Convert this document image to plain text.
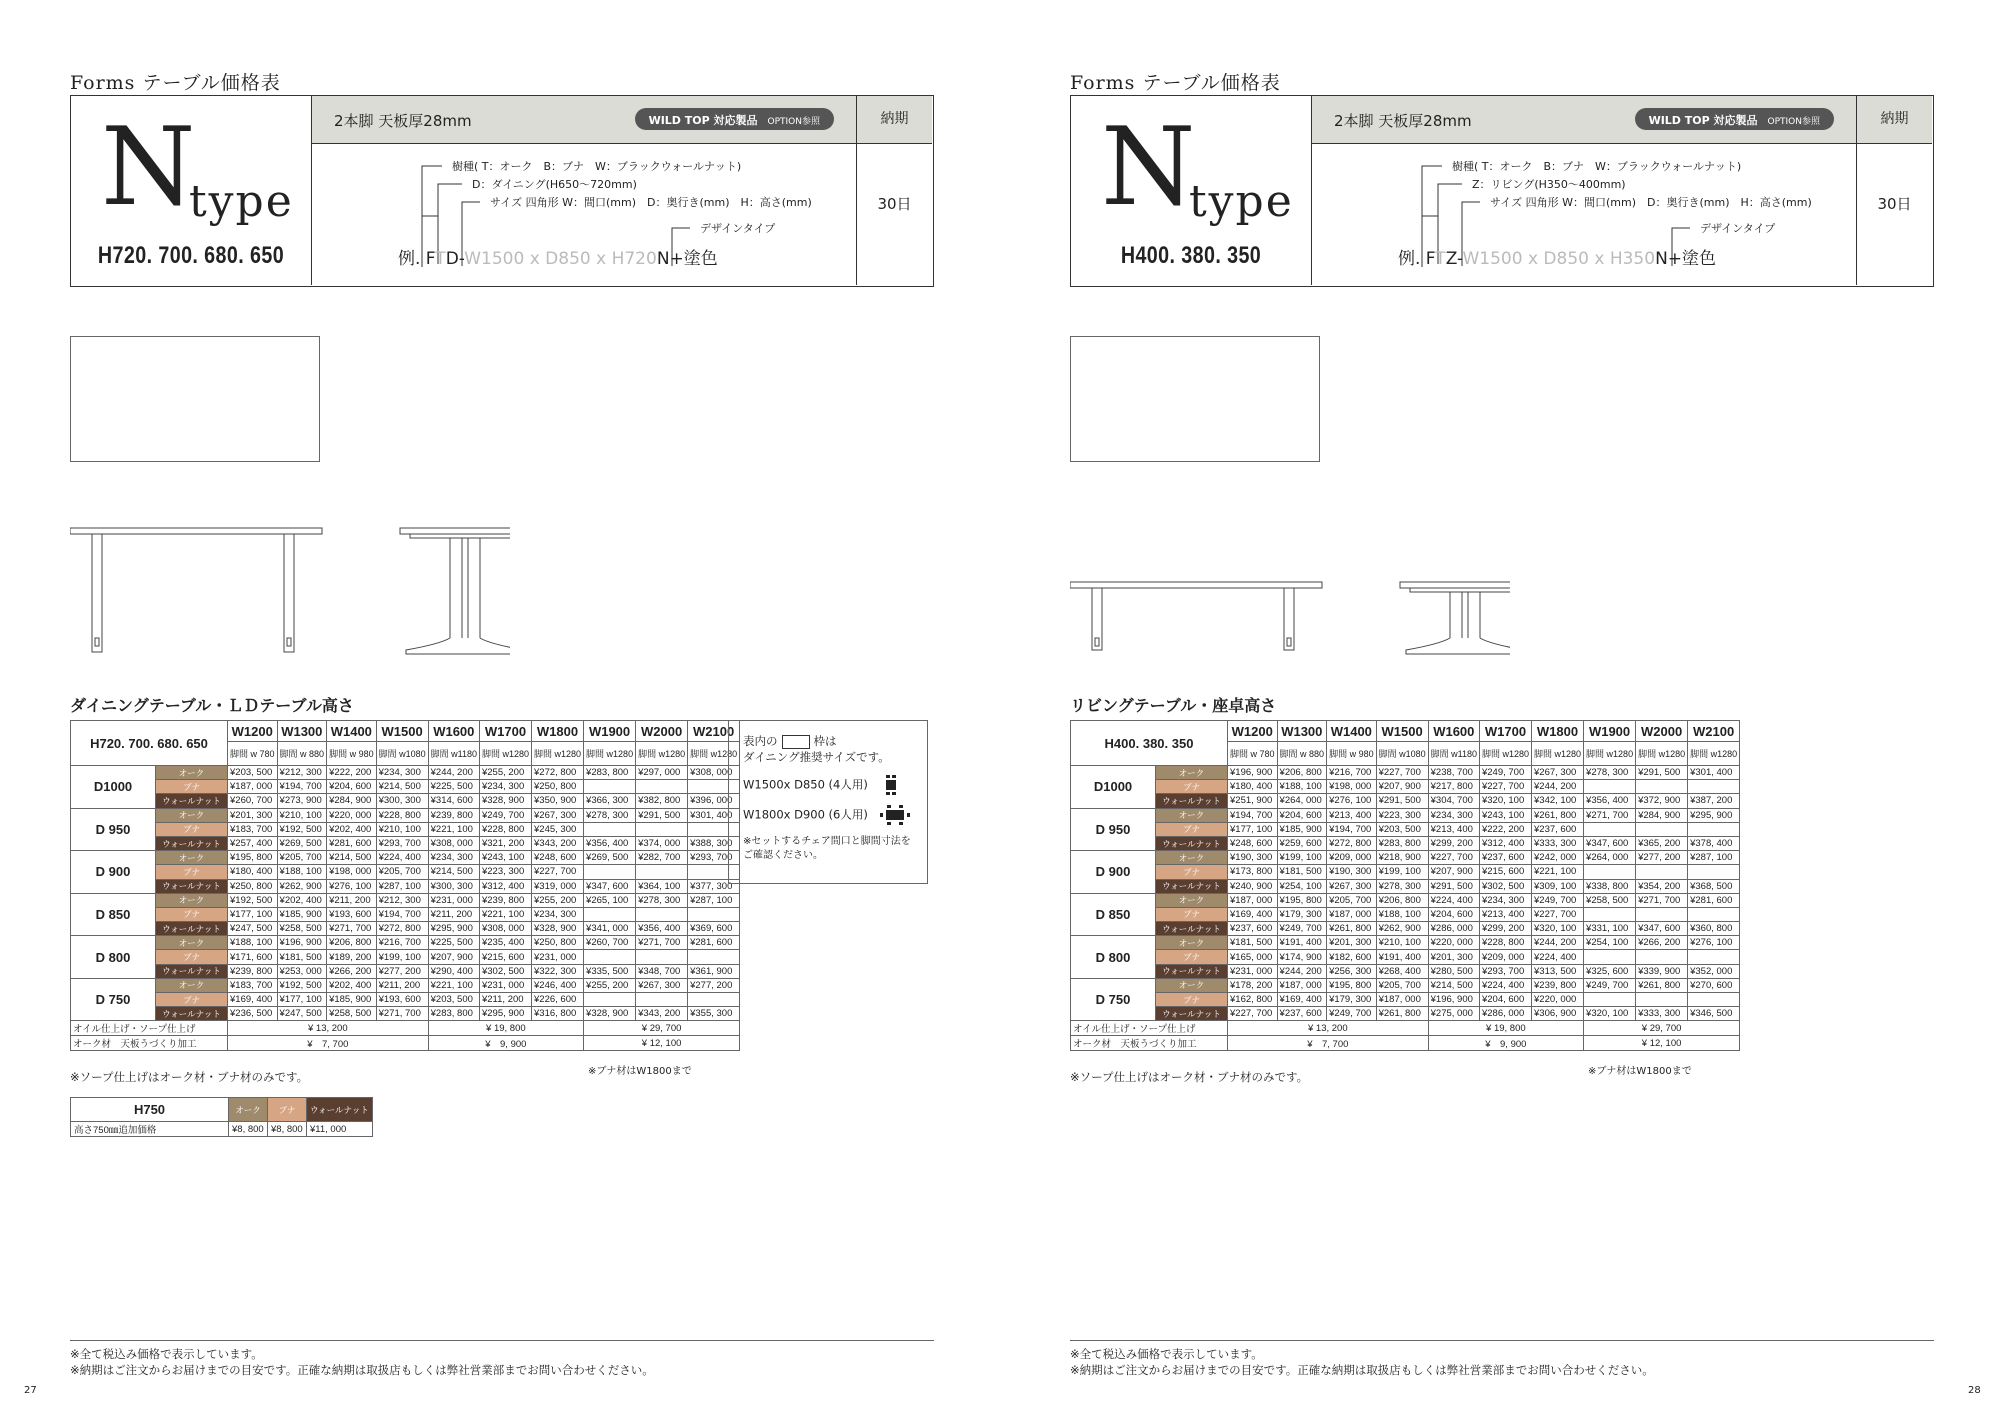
Forms テーブル価格表
N
type
H720. 700. 680. 650
2本脚 天板厚28mm	WILD TOP 対応製品 OPTION参照	納期
30日
樹種( T：オーク　B：ブナ　W：ブラックウォールナット)
D：ダイニング(H650～720mm)
サイズ 四角形 W：間口(mm)　D：奥行き(mm)　H：高さ(mm)
デザインタイプ
例. FTD-W1500 x D850 x H720N+塗色
ダイニングテーブル・ＬＤテーブル高さ
H720. 700. 680. 650		W1200	W1300	W1400	W1500	W1600	W1700	W1800	W1900	W2000	W2100
		脚間 w 780	脚間 w 880	脚間 w 980	脚間 w1080	脚間 w1180	脚間 w1280	脚間 w1280	脚間 w1280	脚間 w1280	脚間 w1280
D1000	オーク	¥203, 500	¥212, 300	¥222, 200	¥234, 300	¥244, 200	¥255, 200	¥272, 800	¥283, 800	¥297, 000	¥308, 000
	ブナ	¥187, 000	¥194, 700	¥204, 600	¥214, 500	¥225, 500	¥234, 300	¥250, 800			
	ウォールナット	¥260, 700	¥273, 900	¥284, 900	¥300, 300	¥314, 600	¥328, 900	¥350, 900	¥366, 300	¥382, 800	¥396, 000
D 950	オーク	¥201, 300	¥210, 100	¥220, 000	¥228, 800	¥239, 800	¥249, 700	¥267, 300	¥278, 300	¥291, 500	¥301, 400
	ブナ	¥183, 700	¥192, 500	¥202, 400	¥210, 100	¥221, 100	¥228, 800	¥245, 300			
	ウォールナット	¥257, 400	¥269, 500	¥281, 600	¥293, 700	¥308, 000	¥321, 200	¥343, 200	¥356, 400	¥374, 000	¥388, 300
D 900	オーク	¥195, 800	¥205, 700	¥214, 500	¥224, 400	¥234, 300	¥243, 100	¥248, 600	¥269, 500	¥282, 700	¥293, 700
	ブナ	¥180, 400	¥188, 100	¥198, 000	¥205, 700	¥214, 500	¥223, 300	¥227, 700			
	ウォールナット	¥250, 800	¥262, 900	¥276, 100	¥287, 100	¥300, 300	¥312, 400	¥319, 000	¥347, 600	¥364, 100	¥377, 300
D 850	オーク	¥192, 500	¥202, 400	¥211, 200	¥212, 300	¥231, 000	¥239, 800	¥255, 200	¥265, 100	¥278, 300	¥287, 100
	ブナ	¥177, 100	¥185, 900	¥193, 600	¥194, 700	¥211, 200	¥221, 100	¥234, 300			
	ウォールナット	¥247, 500	¥258, 500	¥271, 700	¥272, 800	¥295, 900	¥308, 000	¥328, 900	¥341, 000	¥356, 400	¥369, 600
D 800	オーク	¥188, 100	¥196, 900	¥206, 800	¥216, 700	¥225, 500	¥235, 400	¥250, 800	¥260, 700	¥271, 700	¥281, 600
	ブナ	¥171, 600	¥181, 500	¥189, 200	¥199, 100	¥207, 900	¥215, 600	¥231, 000			
	ウォールナット	¥239, 800	¥253, 000	¥266, 200	¥277, 200	¥290, 400	¥302, 500	¥322, 300	¥335, 500	¥348, 700	¥361, 900
D 750	オーク	¥183, 700	¥192, 500	¥202, 400	¥211, 200	¥221, 100	¥231, 000	¥246, 400	¥255, 200	¥267, 300	¥277, 200
	ブナ	¥169, 400	¥177, 100	¥185, 900	¥193, 600	¥203, 500	¥211, 200	¥226, 600			
	ウォールナット	¥236, 500	¥247, 500	¥258, 500	¥271, 700	¥283, 800	¥295, 900	¥316, 800	¥328, 900	¥343, 200	¥355, 300
オイル仕上げ・ソープ仕上げ		¥ 13, 200				¥ 19, 800			¥ 29, 700		
オーク材　天板うづくり加工		¥　7, 700				¥　9, 900			¥ 12, 100		
※ソープ仕上げはオーク材・ブナ材のみです。	※ブナ材はW1800まで
表内の	枠は
ダイニング推奨サイズです。
W1500x D850 (4人用)
W1800x D900 (6人用)
※セットするチェア間口と脚間寸法をご確認ください。
H750	オーク	ブナ	ウォールナット
高さ750㎜追加価格	¥8, 800	¥8, 800	¥11, 000
※全て税込み価格で表示しています。
※納期はご注文からお届けまでの目安です。正確な納期は取扱店もしくは弊社営業部までお問い合わせください。
27
Forms テーブル価格表
N
type
H400. 380. 350
2本脚 天板厚28mm	WILD TOP 対応製品 OPTION参照	納期
30日
樹種( T：オーク　B：ブナ　W：ブラックウォールナット)
Z：リビング(H350～400mm)
サイズ 四角形 W：間口(mm)　D：奥行き(mm)　H：高さ(mm)
デザインタイプ
例. FTZ-W1500 x D850 x H350N+塗色
リビングテーブル・座卓高さ
H400. 380. 350		W1200	W1300	W1400	W1500	W1600	W1700	W1800	W1900	W2000	W2100
		脚間 w 780	脚間 w 880	脚間 w 980	脚間 w1080	脚間 w1180	脚間 w1280	脚間 w1280	脚間 w1280	脚間 w1280	脚間 w1280
D1000	オーク	¥196, 900	¥206, 800	¥216, 700	¥227, 700	¥238, 700	¥249, 700	¥267, 300	¥278, 300	¥291, 500	¥301, 400
	ブナ	¥180, 400	¥188, 100	¥198, 000	¥207, 900	¥217, 800	¥227, 700	¥244, 200			
	ウォールナット	¥251, 900	¥264, 000	¥276, 100	¥291, 500	¥304, 700	¥320, 100	¥342, 100	¥356, 400	¥372, 900	¥387, 200
D 950	オーク	¥194, 700	¥204, 600	¥213, 400	¥223, 300	¥234, 300	¥243, 100	¥261, 800	¥271, 700	¥284, 900	¥295, 900
	ブナ	¥177, 100	¥185, 900	¥194, 700	¥203, 500	¥213, 400	¥222, 200	¥237, 600			
	ウォールナット	¥248, 600	¥259, 600	¥272, 800	¥283, 800	¥299, 200	¥312, 400	¥333, 300	¥347, 600	¥365, 200	¥378, 400
D 900	オーク	¥190, 300	¥199, 100	¥209, 000	¥218, 900	¥227, 700	¥237, 600	¥242, 000	¥264, 000	¥277, 200	¥287, 100
	ブナ	¥173, 800	¥181, 500	¥190, 300	¥199, 100	¥207, 900	¥215, 600	¥221, 100			
	ウォールナット	¥240, 900	¥254, 100	¥267, 300	¥278, 300	¥291, 500	¥302, 500	¥309, 100	¥338, 800	¥354, 200	¥368, 500
D 850	オーク	¥187, 000	¥195, 800	¥205, 700	¥206, 800	¥224, 400	¥234, 300	¥249, 700	¥258, 500	¥271, 700	¥281, 600
	ブナ	¥169, 400	¥179, 300	¥187, 000	¥188, 100	¥204, 600	¥213, 400	¥227, 700			
	ウォールナット	¥237, 600	¥249, 700	¥261, 800	¥262, 900	¥286, 000	¥299, 200	¥320, 100	¥331, 100	¥347, 600	¥360, 800
D 800	オーク	¥181, 500	¥191, 400	¥201, 300	¥210, 100	¥220, 000	¥228, 800	¥244, 200	¥254, 100	¥266, 200	¥276, 100
	ブナ	¥165, 000	¥174, 900	¥182, 600	¥191, 400	¥201, 300	¥209, 000	¥224, 400			
	ウォールナット	¥231, 000	¥244, 200	¥256, 300	¥268, 400	¥280, 500	¥293, 700	¥313, 500	¥325, 600	¥339, 900	¥352, 000
D 750	オーク	¥178, 200	¥187, 000	¥195, 800	¥205, 700	¥214, 500	¥224, 400	¥239, 800	¥249, 700	¥261, 800	¥270, 600
	ブナ	¥162, 800	¥169, 400	¥179, 300	¥187, 000	¥196, 900	¥204, 600	¥220, 000			
	ウォールナット	¥227, 700	¥237, 600	¥249, 700	¥261, 800	¥275, 000	¥286, 000	¥306, 900	¥320, 100	¥333, 300	¥346, 500
オイル仕上げ・ソープ仕上げ		¥ 13, 200				¥ 19, 800			¥ 29, 700		
オーク材　天板うづくり加工		¥　7, 700				¥　9, 900			¥ 12, 100		
※ソープ仕上げはオーク材・ブナ材のみです。	※ブナ材はW1800まで
※全て税込み価格で表示しています。
※納期はご注文からお届けまでの目安です。正確な納期は取扱店もしくは弊社営業部までお問い合わせください。
28
